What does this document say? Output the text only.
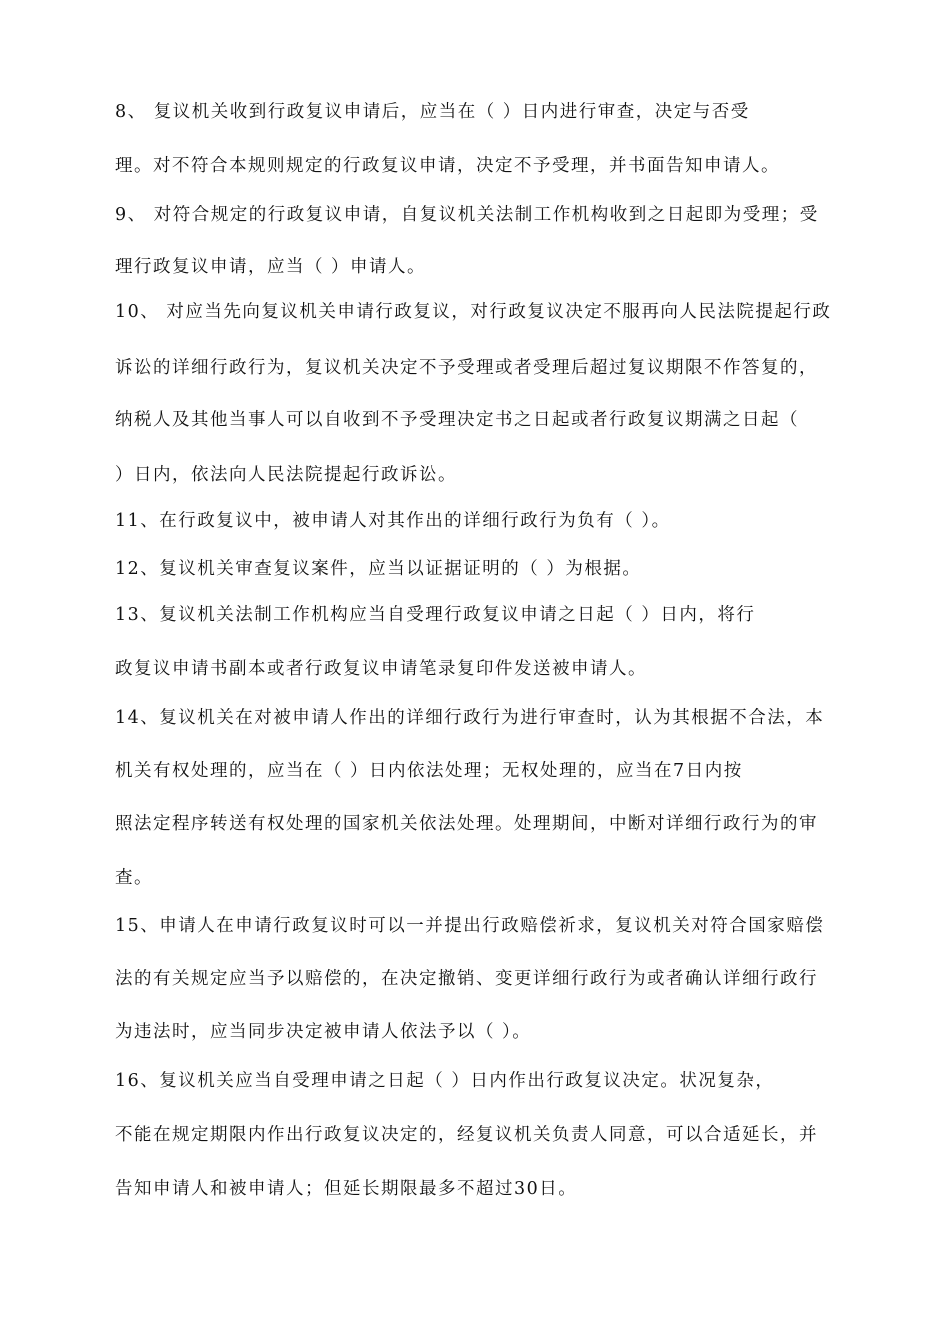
8、 复议机关收到行政复议申请后，应当在（ ）日内进行审查，决定与否受
理。对不符合本规则规定的行政复议申请，决定不予受理，并书面告知申请人。
9、 对符合规定的行政复议申请，自复议机关法制工作机构收到之日起即为受理；受
理行政复议申请，应当（ ）申请人。
10、 对应当先向复议机关申请行政复议，对行政复议决定不服再向人民法院提起行政
诉讼的详细行政行为，复议机关决定不予受理或者受理后超过复议期限不作答复的，
纳税人及其他当事人可以自收到不予受理决定书之日起或者行政复议期满之日起（
）日内，依法向人民法院提起行政诉讼。
11、在行政复议中，被申请人对其作出的详细行政行为负有（ ）。
12、复议机关审查复议案件，应当以证据证明的（ ）为根据。
13、复议机关法制工作机构应当自受理行政复议申请之日起（ ）日内，将行
政复议申请书副本或者行政复议申请笔录复印件发送被申请人。
14、复议机关在对被申请人作出的详细行政行为进行审查时，认为其根据不合法，本
机关有权处理的，应当在（ ）日内依法处理；无权处理的，应当在7日内按
照法定程序转送有权处理的国家机关依法处理。处理期间，中断对详细行政行为的审
查。
15、申请人在申请行政复议时可以一并提出行政赔偿祈求，复议机关对符合国家赔偿
法的有关规定应当予以赔偿的，在决定撤销、变更详细行政行为或者确认详细行政行
为违法时，应当同步决定被申请人依法予以（ ）。
16、复议机关应当自受理申请之日起（ ）日内作出行政复议决定。状况复杂，
不能在规定期限内作出行政复议决定的，经复议机关负责人同意，可以合适延长，并
告知申请人和被申请人；但延长期限最多不超过30日。
